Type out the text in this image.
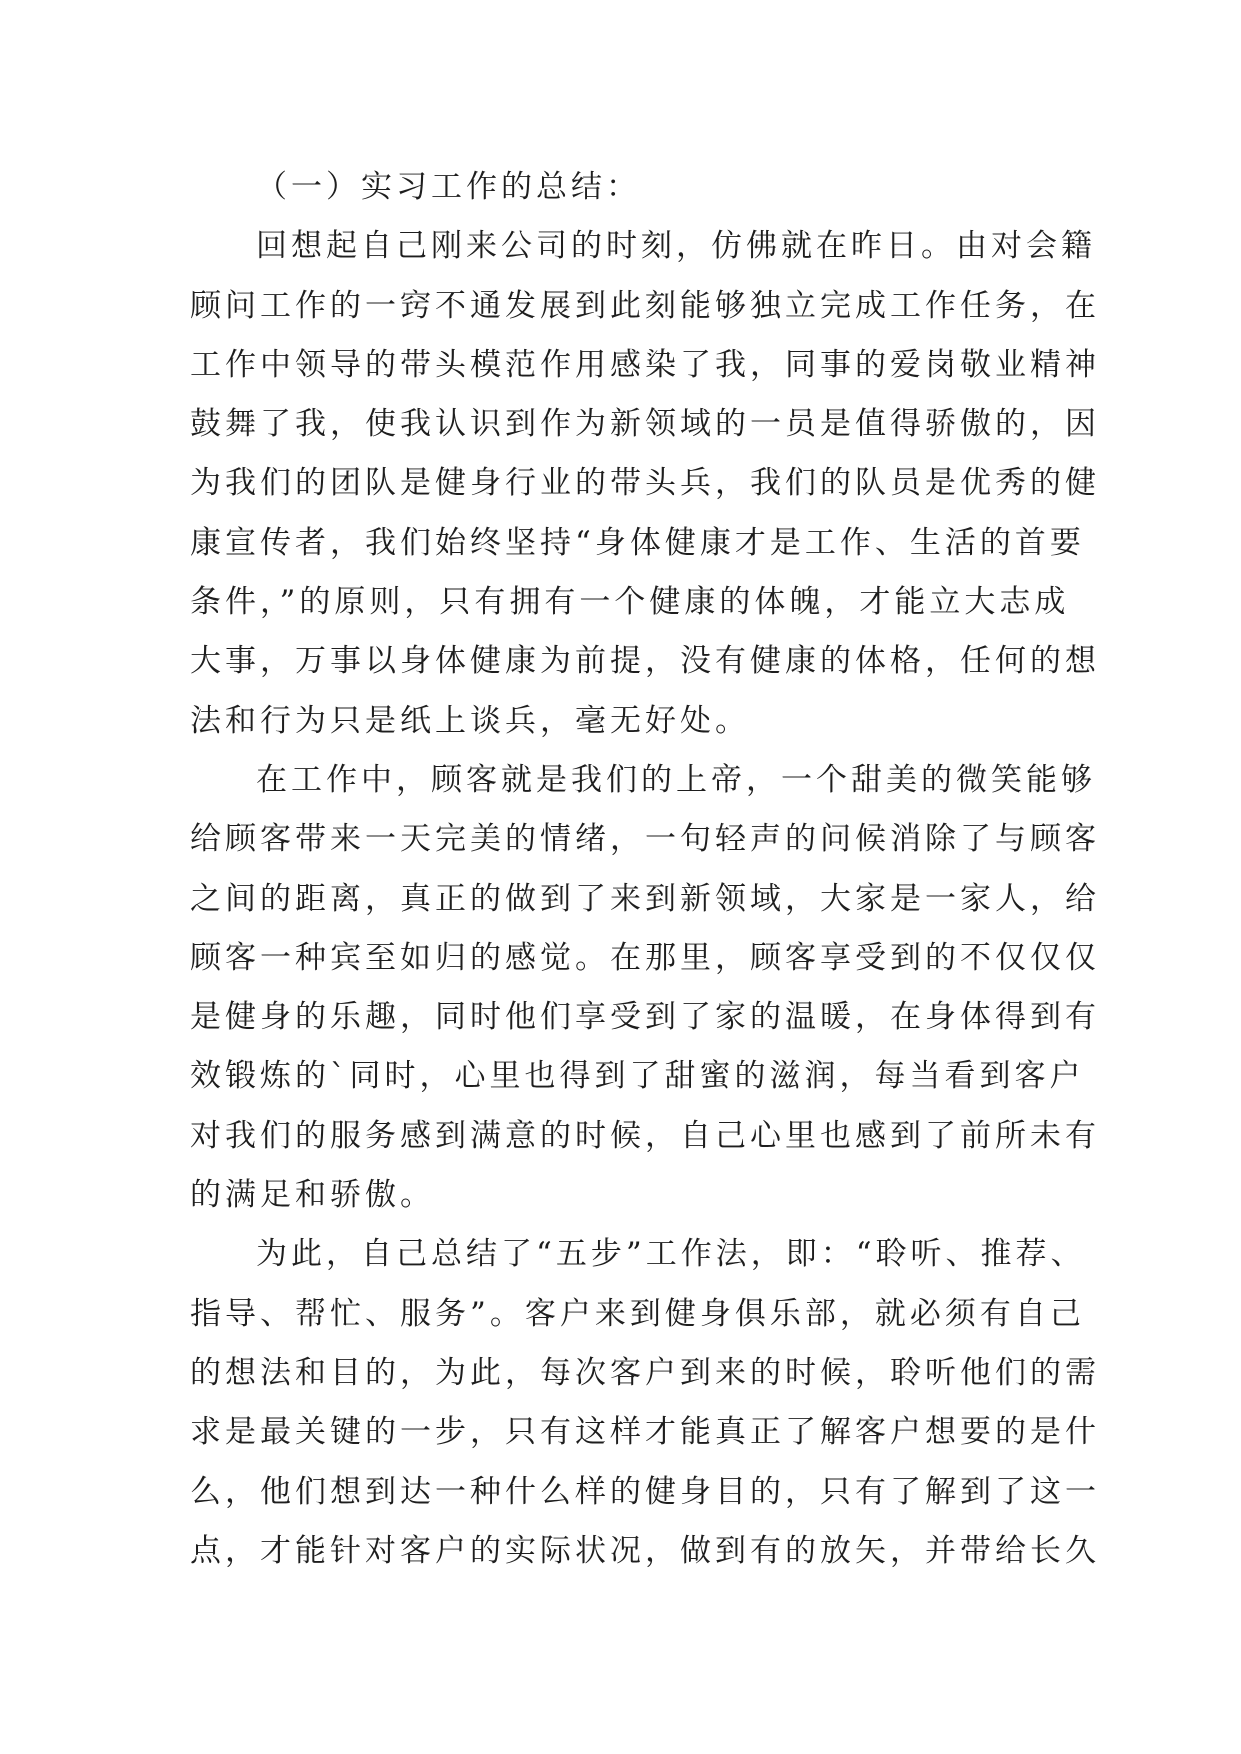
（一）实习工作的总结：

回想起自己刚来公司的时刻，仿佛就在昨日。由对会籍
顾问工作的一窍不通发展到此刻能够独立完成工作任务，在
工作中领导的带头模范作用感染了我，同事的爱岗敬业精神
鼓舞了我，使我认识到作为新领域的一员是值得骄傲的，因
为我们的团队是健身行业的带头兵，我们的队员是优秀的健
康宣传者，我们始终坚持“身体健康才是工作、生活的首要
条件，”的原则，只有拥有一个健康的体魄，才能立大志成
大事，万事以身体健康为前提，没有健康的体格，任何的想
法和行为只是纸上谈兵，毫无好处。

在工作中，顾客就是我们的上帝，一个甜美的微笑能够
给顾客带来一天完美的情绪，一句轻声的问候消除了与顾客
之间的距离，真正的做到了来到新领域，大家是一家人，给
顾客一种宾至如归的感觉。在那里，顾客享受到的不仅仅仅
是健身的乐趣，同时他们享受到了家的温暖，在身体得到有
效锻炼的`同时，心里也得到了甜蜜的滋润，每当看到客户
对我们的服务感到满意的时候，自己心里也感到了前所未有
的满足和骄傲。

为此，自己总结了“五步”工作法，即：“聆听、推荐、
指导、帮忙、服务”。客户来到健身俱乐部，就必须有自己
的想法和目的，为此，每次客户到来的时候，聆听他们的需
求是最关键的一步，只有这样才能真正了解客户想要的是什
么，他们想到达一种什么样的健身目的，只有了解到了这一
点，才能针对客户的实际状况，做到有的放矢，并带给长久
